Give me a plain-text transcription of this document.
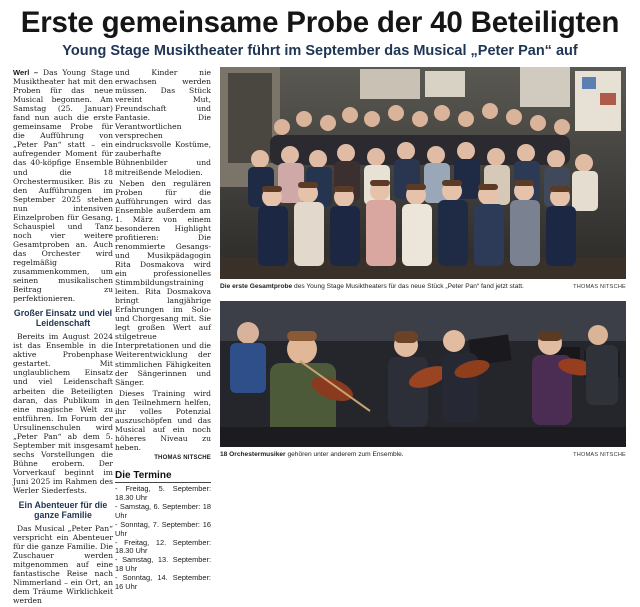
Erste gemeinsame Probe der 40 Beteiligten
Young Stage Musiktheater führt im September das Musical „Peter Pan“ auf

Werl – Das Young Stage Musiktheater hat mit den Proben für das neue Musical begonnen. Am Samstag (25. Januar) fand nun auch die erste gemeinsame Probe für die Aufführung von „Peter Pan“ statt – ein aufregender Moment für das 40-köpfige Ensemble und die 18 Orchestermusiker. Bis zu den Aufführungen im September 2025 stehen nun intensiven Einzelproben für Gesang, Schauspiel und Tanz noch vier weitere Gesamtproben an. Auch das Orchester wird regelmäßig zusammenkommen, um seinen musikalischen Beitrag zu perfektionieren.

Großer Einsatz und viel Leidenschaft

Bereits im August 2024 ist das Ensemble in die aktive Probenphase gestartet. Mit unglaublichem Einsatz und viel Leidenschaft arbeiten die Beteiligten daran, das Publikum in eine magische Welt zu entführen. Im Forum der Ursulinenschulen wird „Peter Pan“ ab dem 5. September mit insgesamt sechs Vorstellungen die Bühne erobern. Der Vorverkauf beginnt im Juni 2025 im Rahmen des Werler Siederfests.

Ein Abenteuer für die ganze Familie

Das Musical „Peter Pan“ verspricht ein Abenteuer für die ganze Familie. Die Zuschauer werden mitgenommen auf eine fantastische Reise nach Nimmerland – ein Ort, an dem Träume Wirklichkeit werden

und Kinder nie erwachsen werden müssen. Das Stück vereint Mut, Freundschaft und Fantasie. Die Verantwortlichen versprechen eindrucksvolle Kostüme, zauberhafte Bühnenbilder und mitreißende Melodien.

Neben den regulären Proben für die Aufführungen wird das Ensemble außerdem am 1. März von einem besonderen Highlight profitieren: Die renommierte Gesangs- und Musikpädagogin Rita Dosmakova wird ein professionelles Stimmbildungstraining leiten. Rita Dosmakova bringt langjährige Erfahrungen im Solo- und Chorgesang mit. Sie legt großen Wert auf stilgetreue Interpretationen und die Weiterentwicklung der stimmlichen Fähigkeiten der Sängerinnen und Sänger.

Dieses Training wird den Teilnehmern helfen, ihr volles Potenzial auszuschöpfen und das Musical auf ein noch höheres Niveau zu heben.

THOMAS NITSCHE
Die Termine
- Freitag, 5. September: 18.30 Uhr
- Samstag, 6. September: 18 Uhr
- Sonntag, 7. September: 16 Uhr
- Freitag, 12. September: 18.30 Uhr
- Samstag, 13. September: 18 Uhr
- Sonntag, 14. September: 16 Uhr
Die erste Gesamtprobe des Young Stage Musiktheaters für das neue Stück „Peter Pan“ fand jetzt statt.	THOMAS NITSCHE
18 Orchestermusiker gehören unter anderem zum Ensemble.	THOMAS NITSCHE
